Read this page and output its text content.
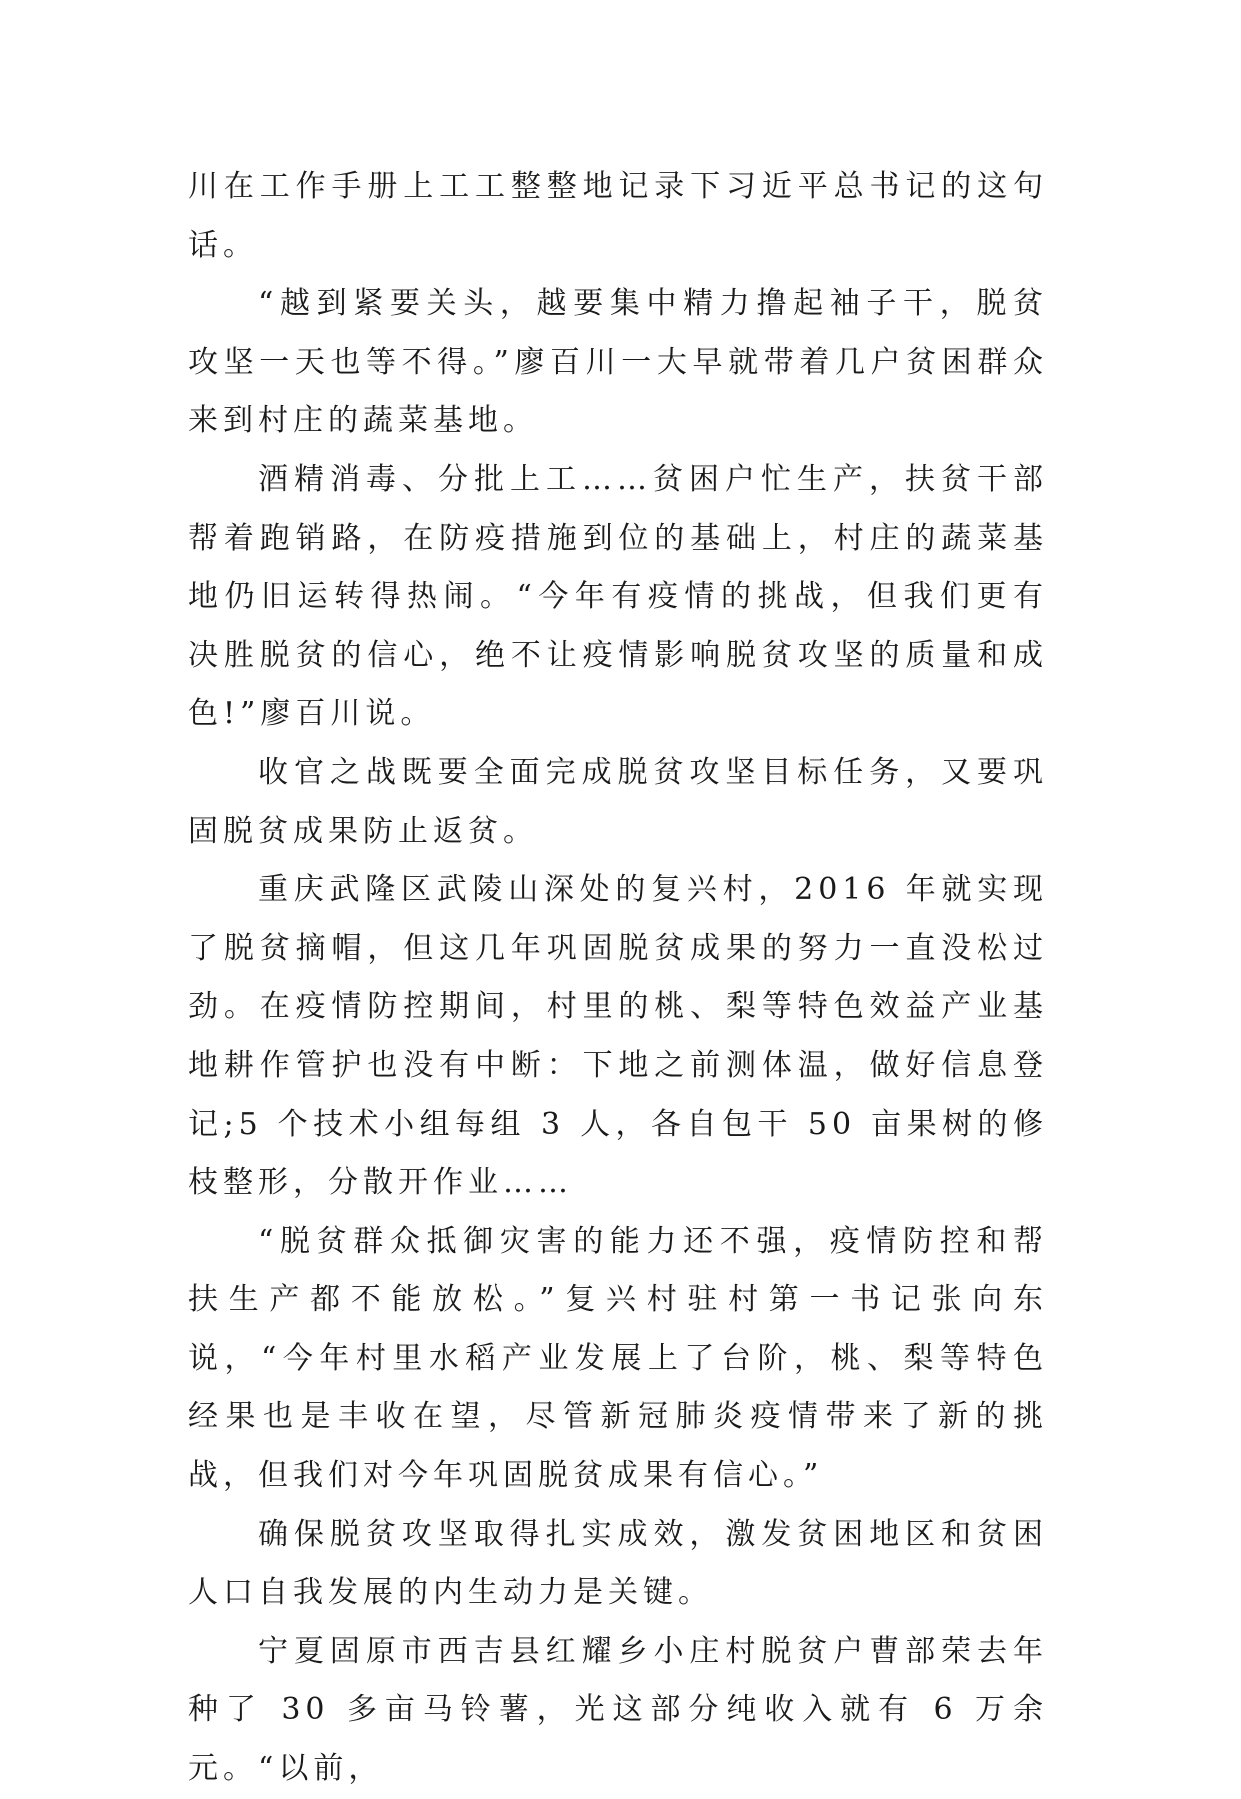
川在工作手册上工工整整地记录下习近平总书记的这句话。

“越到紧要关头，越要集中精力撸起袖子干，脱贫攻坚一天也等不得。”廖百川一大早就带着几户贫困群众来到村庄的蔬菜基地。

酒精消毒、分批上工……贫困户忙生产，扶贫干部帮着跑销路，在防疫措施到位的基础上，村庄的蔬菜基地仍旧运转得热闹。“今年有疫情的挑战，但我们更有决胜脱贫的信心，绝不让疫情影响脱贫攻坚的质量和成色!”廖百川说。

收官之战既要全面完成脱贫攻坚目标任务，又要巩固脱贫成果防止返贫。

重庆武隆区武陵山深处的复兴村，2016 年就实现了脱贫摘帽，但这几年巩固脱贫成果的努力一直没松过劲。在疫情防控期间，村里的桃、梨等特色效益产业基地耕作管护也没有中断：下地之前测体温，做好信息登记;5 个技术小组每组 3 人，各自包干 50 亩果树的修枝整形，分散开作业……

“脱贫群众抵御灾害的能力还不强，疫情防控和帮扶生产都不能放松。”复兴村驻村第一书记张向东说，“今年村里水稻产业发展上了台阶，桃、梨等特色经果也是丰收在望，尽管新冠肺炎疫情带来了新的挑战，但我们对今年巩固脱贫成果有信心。”

确保脱贫攻坚取得扎实成效，激发贫困地区和贫困人口自我发展的内生动力是关键。

宁夏固原市西吉县红耀乡小庄村脱贫户曹部荣去年种了 30 多亩马铃薯，光这部分纯收入就有 6 万余元。“以前，
